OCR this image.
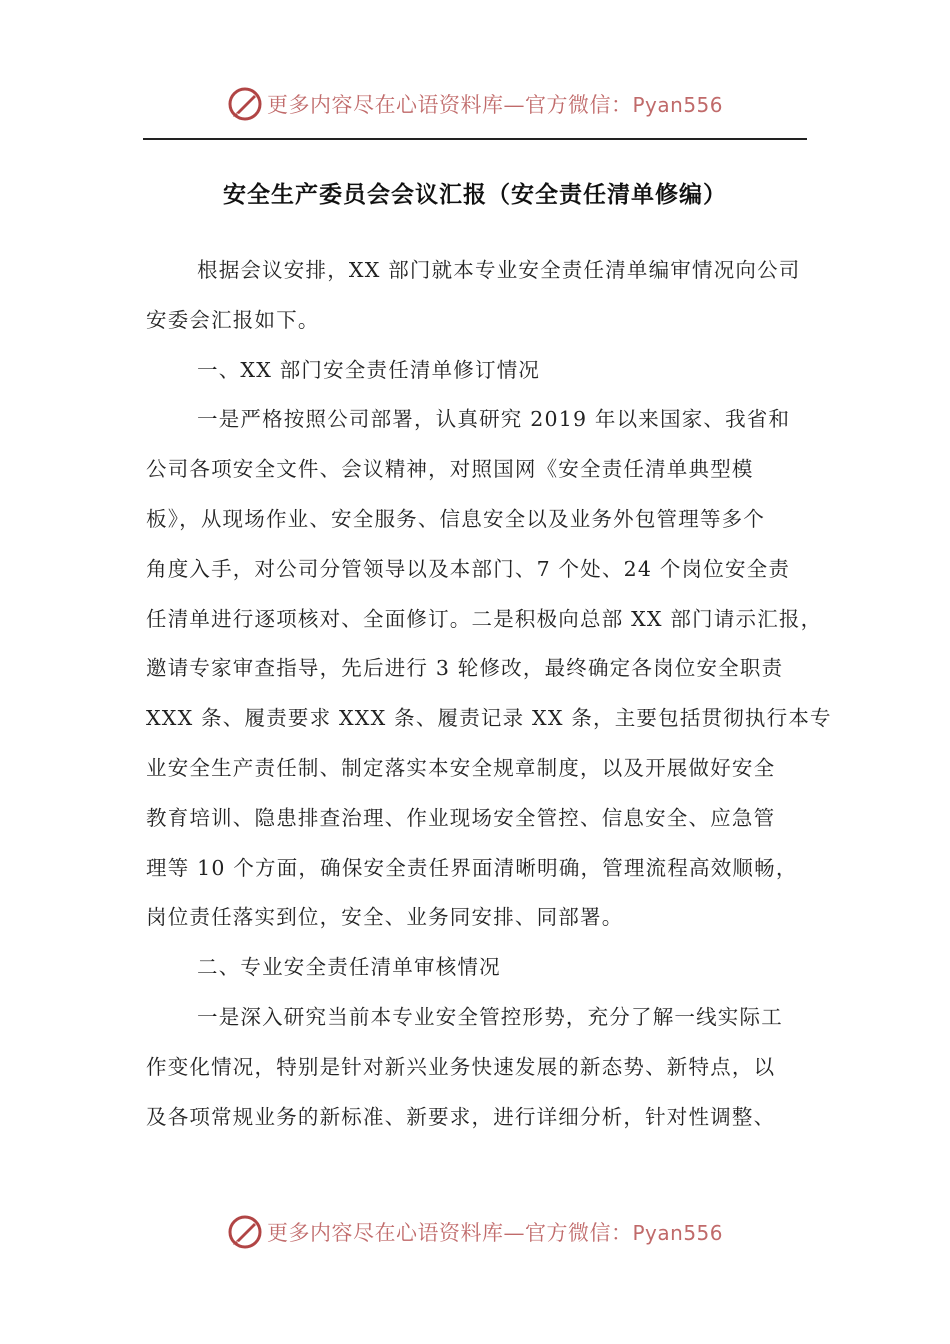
更多内容尽在心语资料库—官方微信：Pyan556
安全生产委员会会议汇报（安全责任清单修编）
根据会议安排，XX 部门就本专业安全责任清单编审情况向公司
安委会汇报如下。
一、XX 部门安全责任清单修订情况
一是严格按照公司部署，认真研究 2019 年以来国家、我省和
公司各项安全文件、会议精神，对照国网《安全责任清单典型模
板》，从现场作业、安全服务、信息安全以及业务外包管理等多个
角度入手，对公司分管领导以及本部门、7 个处、24 个岗位安全责
任清单进行逐项核对、全面修订。二是积极向总部 XX 部门请示汇报，
邀请专家审查指导，先后进行 3 轮修改，最终确定各岗位安全职责
XXX 条、履责要求 XXX 条、履责记录 XX 条，主要包括贯彻执行本专
业安全生产责任制、制定落实本安全规章制度，以及开展做好安全
教育培训、隐患排查治理、作业现场安全管控、信息安全、应急管
理等 10 个方面，确保安全责任界面清晰明确，管理流程高效顺畅，
岗位责任落实到位，安全、业务同安排、同部署。
二、专业安全责任清单审核情况
一是深入研究当前本专业安全管控形势，充分了解一线实际工
作变化情况，特别是针对新兴业务快速发展的新态势、新特点，以
及各项常规业务的新标准、新要求，进行详细分析，针对性调整、
更多内容尽在心语资料库—官方微信：Pyan556
